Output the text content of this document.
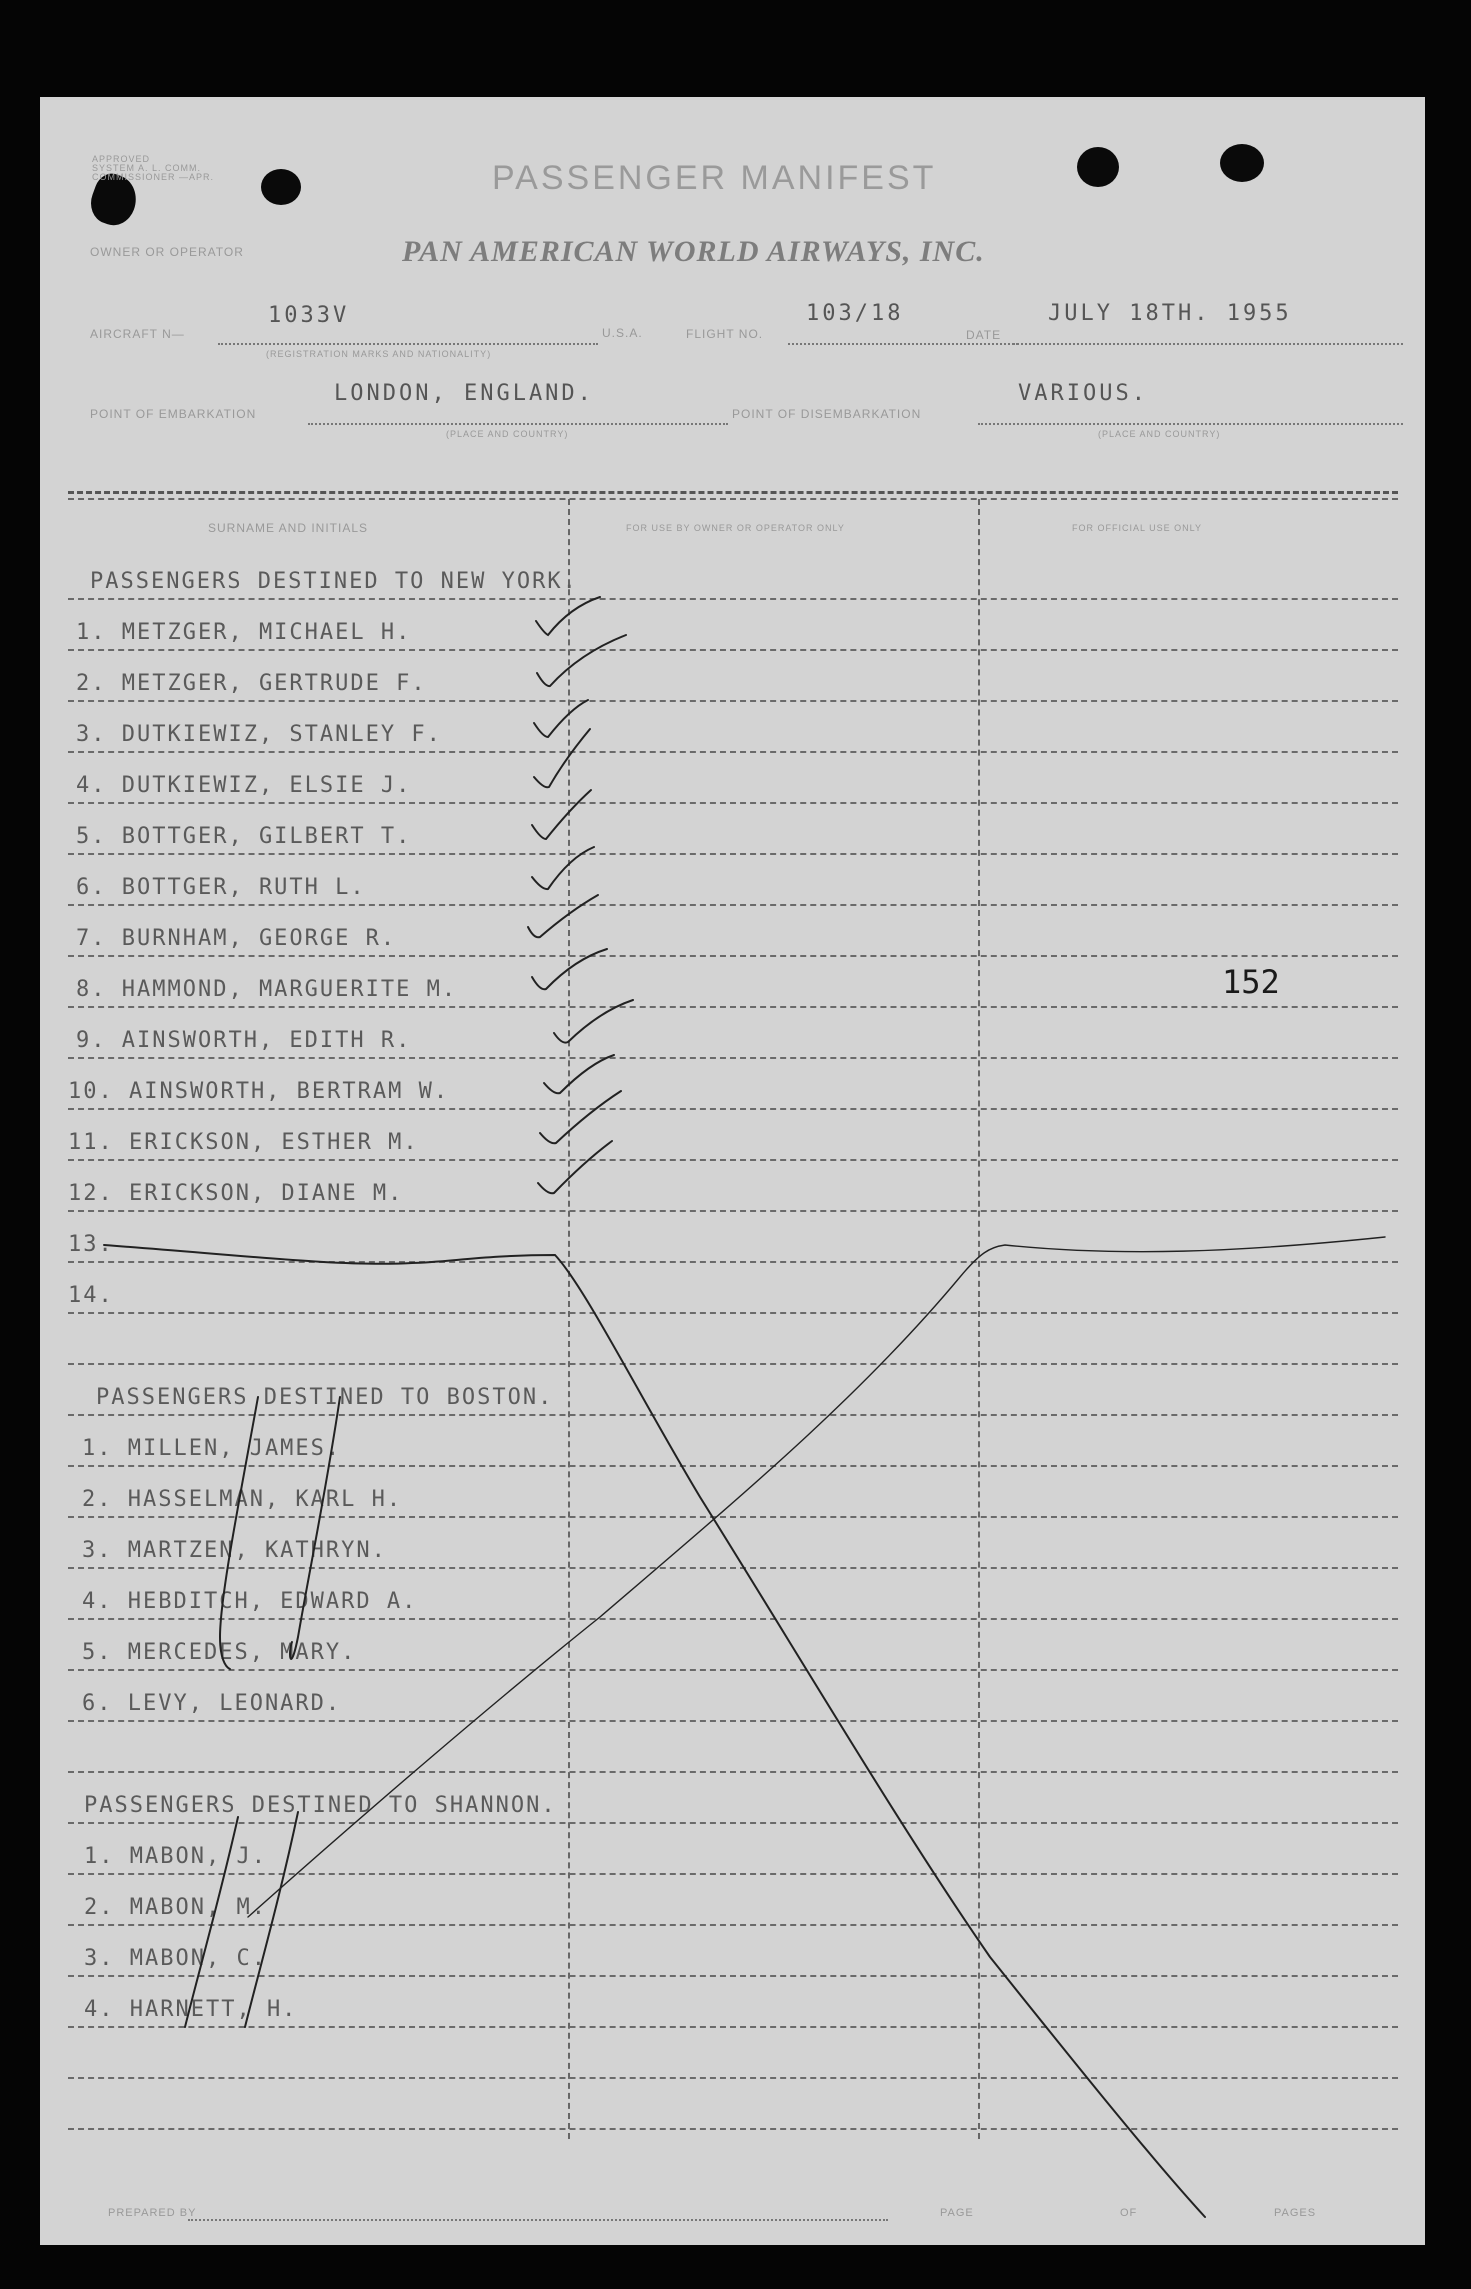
APPROVED
SYSTEM A. L. COMM.
COMMISSIONER —APR.	PASSENGER MANIFEST
OWNER OR OPERATOR	PAN AMERICAN WORLD AIRWAYS, INC.
AIRCRAFT N—
1033V
(REGISTRATION MARKS AND NATIONALITY)
U.S.A.	FLIGHT NO.
103/18
DATE
JULY 18TH. 1955
POINT OF EMBARKATION
LONDON, ENGLAND.
(PLACE AND COUNTRY)
POINT OF DISEMBARKATION
VARIOUS.
(PLACE AND COUNTRY)
SURNAME AND INITIALS	FOR USE BY OWNER OR OPERATOR ONLY	FOR OFFICIAL USE ONLY
PASSENGERS DESTINED TO NEW YORK.
1. METZGER, MICHAEL H.
2. METZGER, GERTRUDE F.
3. DUTKIEWIZ, STANLEY F.
4. DUTKIEWIZ, ELSIE J.
5. BOTTGER, GILBERT T.
6. BOTTGER, RUTH L.
7. BURNHAM, GEORGE R.
8. HAMMOND, MARGUERITE M.
9. AINSWORTH, EDITH R.
10. AINSWORTH, BERTRAM W.
11. ERICKSON, ESTHER M.
12. ERICKSON, DIANE M.
13.
14.
PASSENGERS DESTINED TO BOSTON.
1. MILLEN, JAMES.
2. HASSELMAN, KARL H.
3. MARTZEN, KATHRYN.
4. HEBDITCH, EDWARD A.
5. MERCEDES, MARY.
6. LEVY, LEONARD.
PASSENGERS DESTINED TO SHANNON.
1. MABON, J.
2. MABON, M.
3. MABON, C.
4. HARNETT, H.
152
PREPARED BY	PAGE	OF	PAGES
